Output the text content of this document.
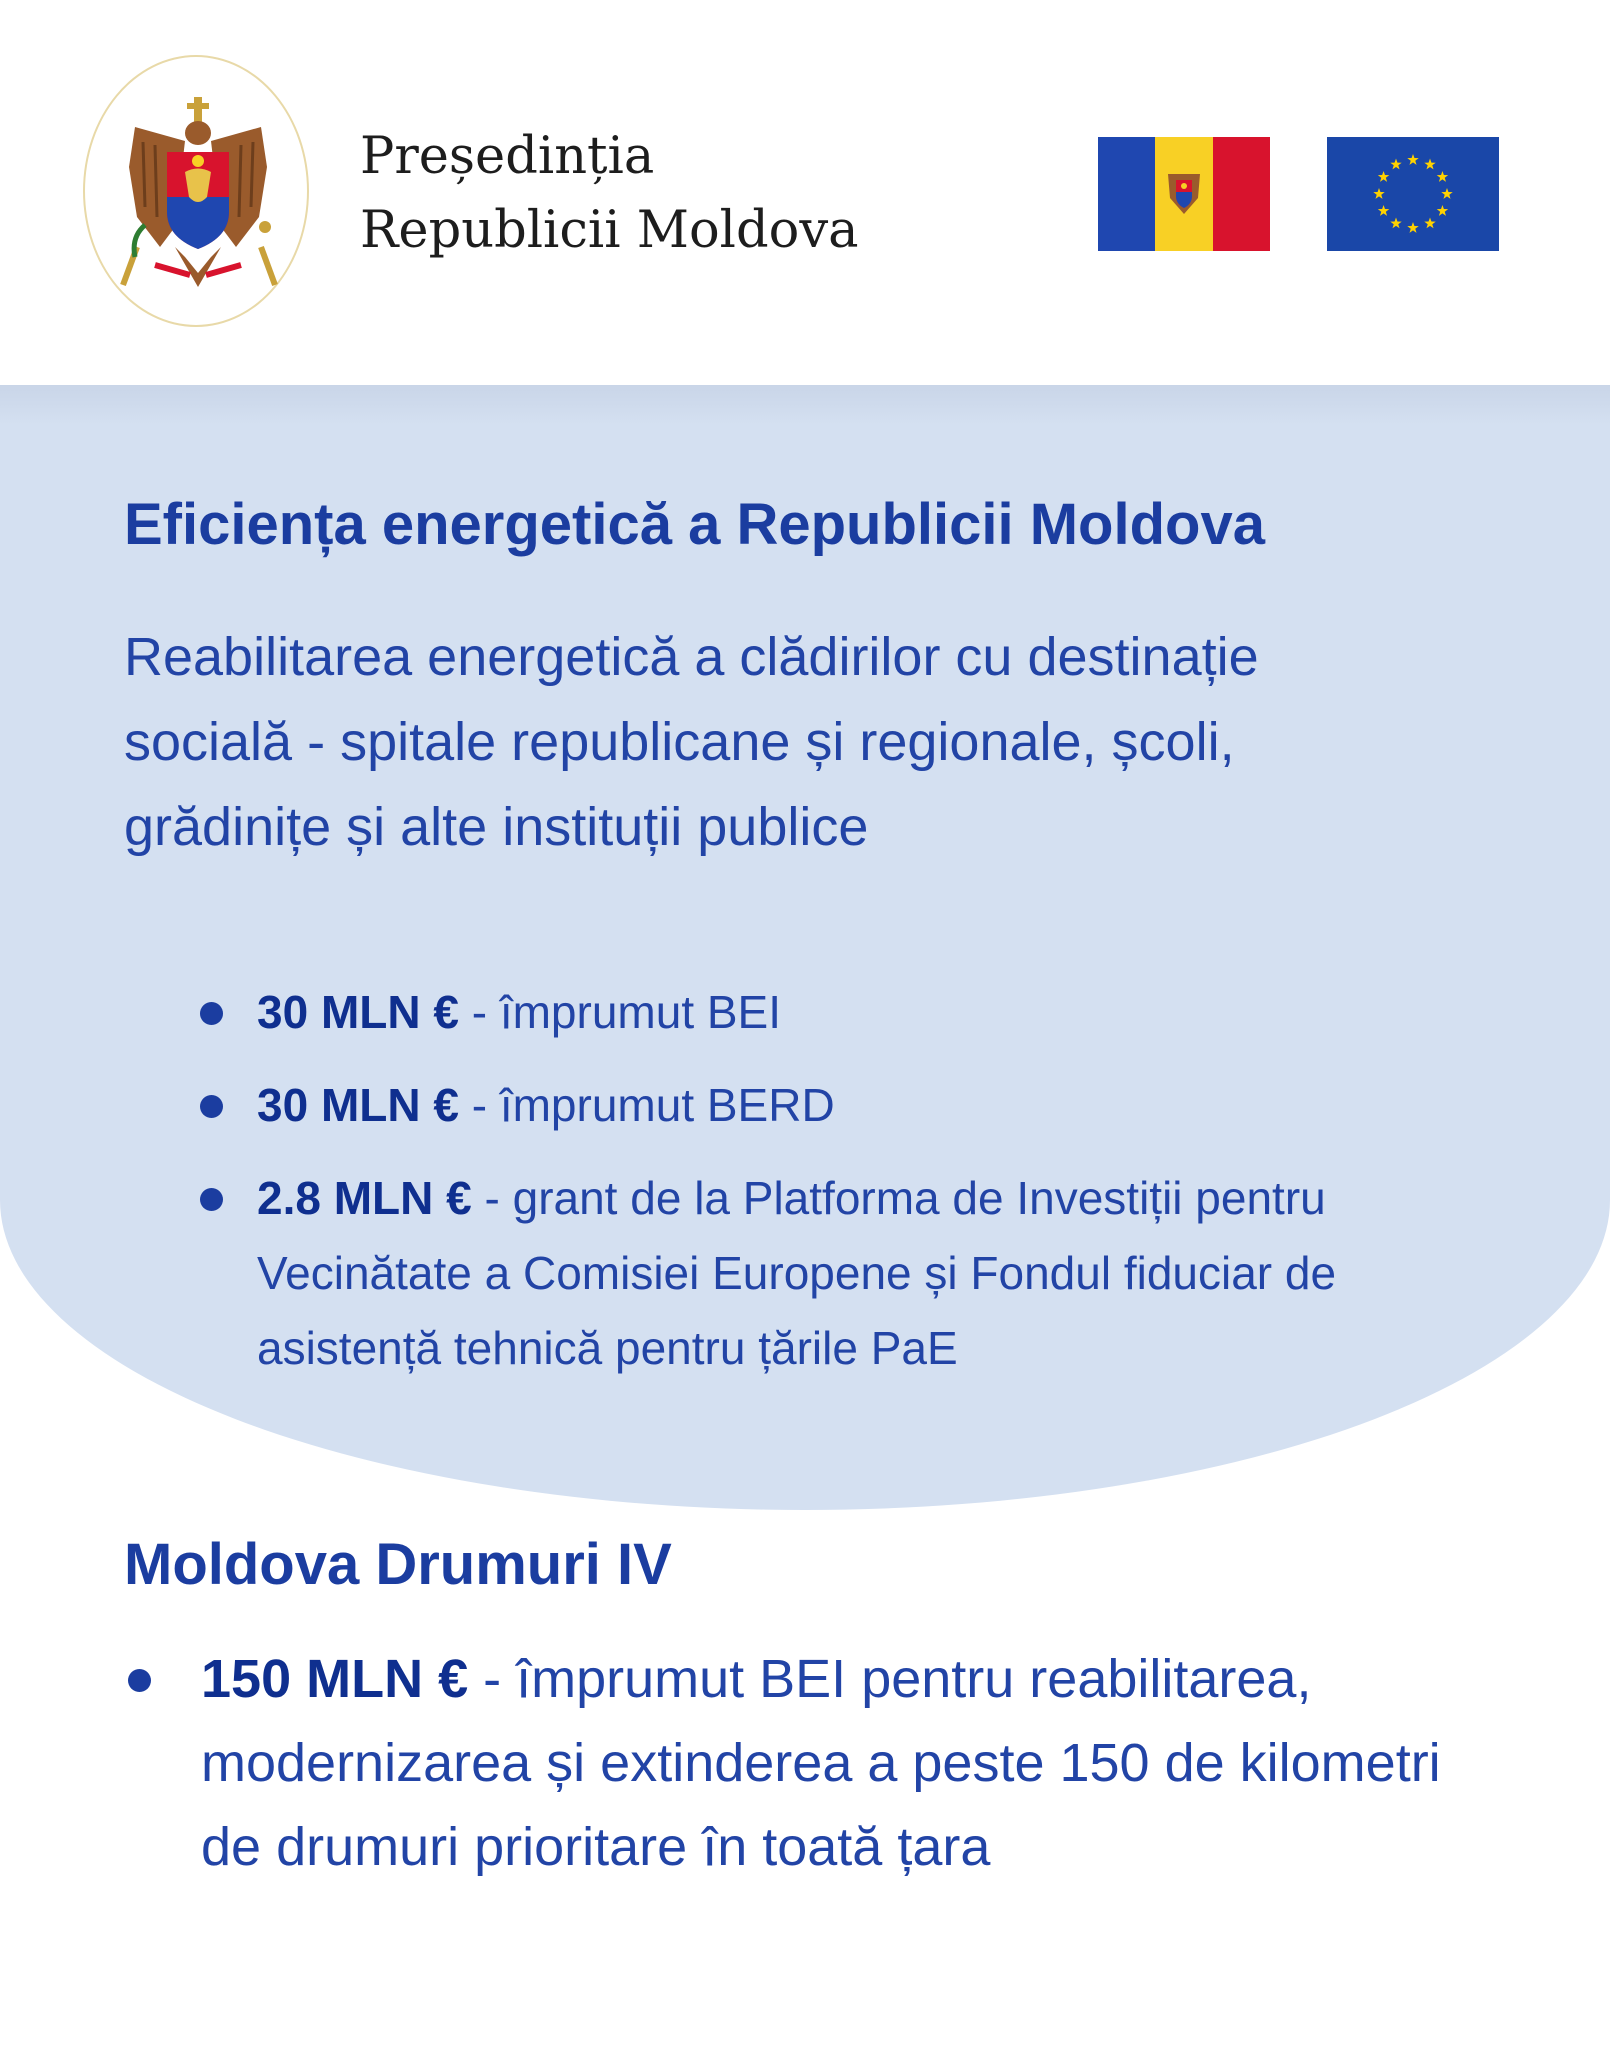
Președinția
Republicii Moldova
Eficiența energetică a Republicii Moldova

Reabilitarea energetică a clădirilor cu destinație socială - spitale republicane și regionale, școli, grădinițe și alte instituții publice

30 MLN € - împrumut BEI
30 MLN € - împrumut BERD
2.8 MLN € - grant de la Platforma de Investiții pentru Vecinătate a Comisiei Europene și Fondul fiduciar de asistență tehnică pentru țările PaE
Moldova Drumuri IV
150 MLN € - împrumut BEI pentru reabilitarea, modernizarea și extinderea a peste 150 de kilometri de drumuri prioritare în toată țara
